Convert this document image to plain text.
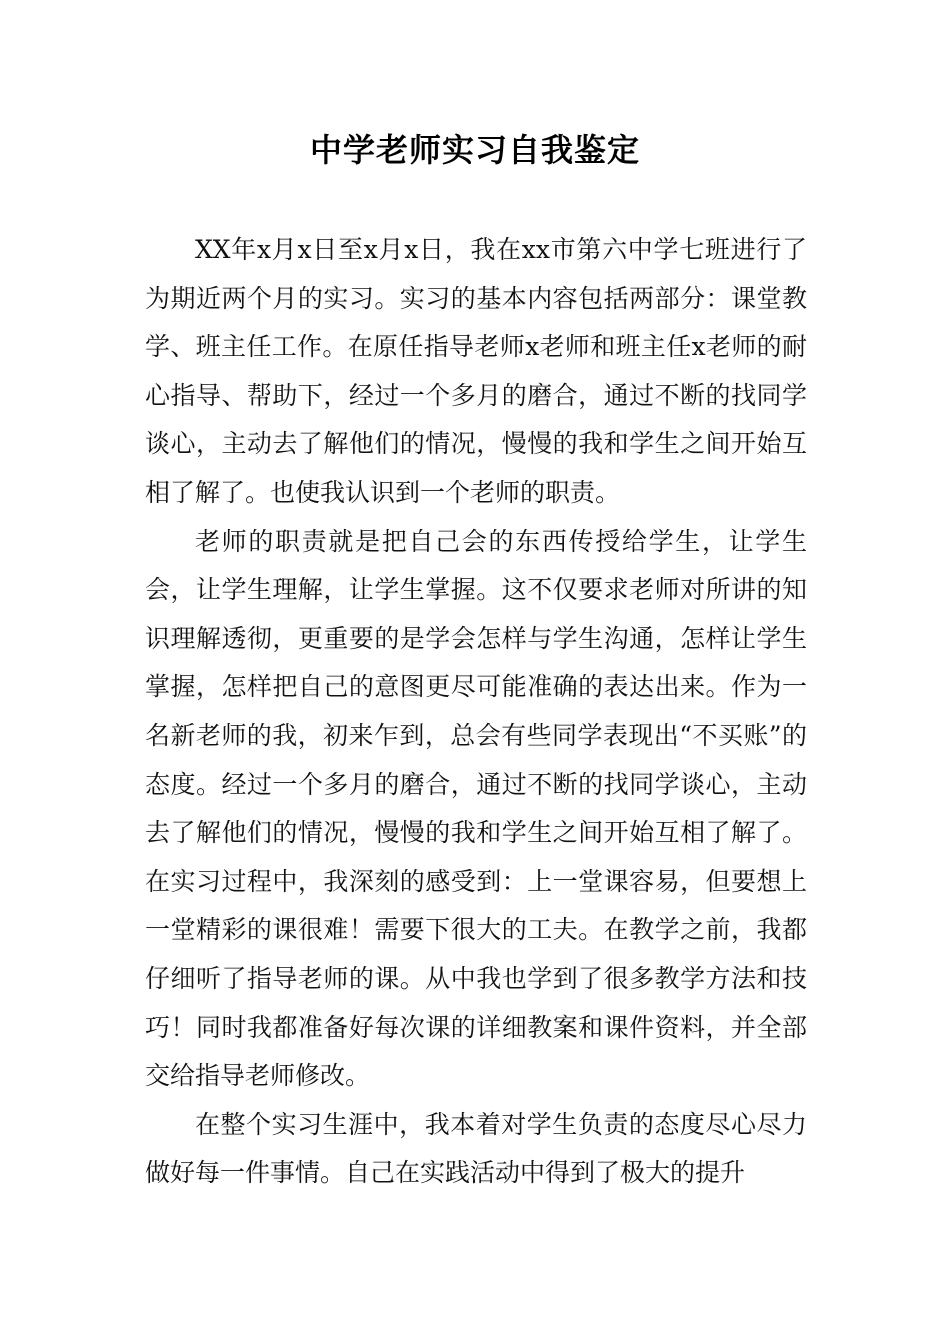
中学老师实习自我鉴定

XX年x月x日至x月x日，我在xx市第六中学七班进行了为期近两个月的实习。实习的基本内容包括两部分：课堂教学、班主任工作。在原任指导老师x老师和班主任x老师的耐心指导、帮助下，经过一个多月的磨合，通过不断的找同学谈心，主动去了解他们的情况，慢慢的我和学生之间开始互相了解了。也使我认识到一个老师的职责。

老师的职责就是把自己会的东西传授给学生，让学生会，让学生理解，让学生掌握。这不仅要求老师对所讲的知识理解透彻，更重要的是学会怎样与学生沟通，怎样让学生掌握，怎样把自己的意图更尽可能准确的表达出来。作为一名新老师的我，初来乍到，总会有些同学表现出“不买账”的态度。经过一个多月的磨合，通过不断的找同学谈心，主动去了解他们的情况，慢慢的我和学生之间开始互相了解了。在实习过程中，我深刻的感受到：上一堂课容易，但要想上一堂精彩的课很难！需要下很大的工夫。在教学之前，我都仔细听了指导老师的课。从中我也学到了很多教学方法和技巧！同时我都准备好每次课的详细教案和课件资料，并全部交给指导老师修改。

在整个实习生涯中，我本着对学生负责的态度尽心尽力做好每一件事情。自己在实践活动中得到了极大的提升
